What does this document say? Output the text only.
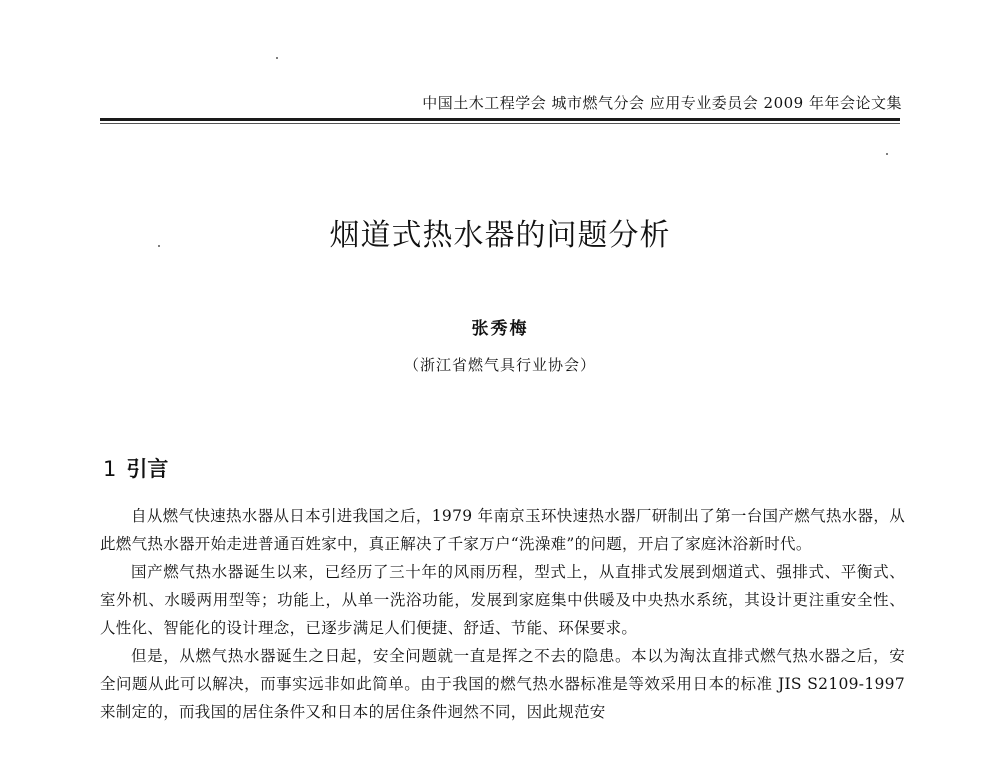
中国土木工程学会 城市燃气分会 应用专业委员会 2009 年年会论文集
烟道式热水器的问题分析
张秀梅
（浙江省燃气具行业协会）
1 引言

自从燃气快速热水器从日本引进我国之后，1979 年南京玉环快速热水器厂研制出了第一台国产燃气热水器，从此燃气热水器开始走进普通百姓家中，真正解决了千家万户“洗澡难”的问题，开启了家庭沐浴新时代。

国产燃气热水器诞生以来，已经历了三十年的风雨历程，型式上，从直排式发展到烟道式、强排式、平衡式、室外机、水暖两用型等；功能上，从单一洗浴功能，发展到家庭集中供暖及中央热水系统，其设计更注重安全性、人性化、智能化的设计理念，已逐步满足人们便捷、舒适、节能、环保要求。

但是，从燃气热水器诞生之日起，安全问题就一直是挥之不去的隐患。本以为淘汰直排式燃气热水器之后，安全问题从此可以解决，而事实远非如此简单。由于我国的燃气热水器标准是等效采用日本的标准 JIS S2109-1997 来制定的，而我国的居住条件又和日本的居住条件迥然不同，因此规范安
